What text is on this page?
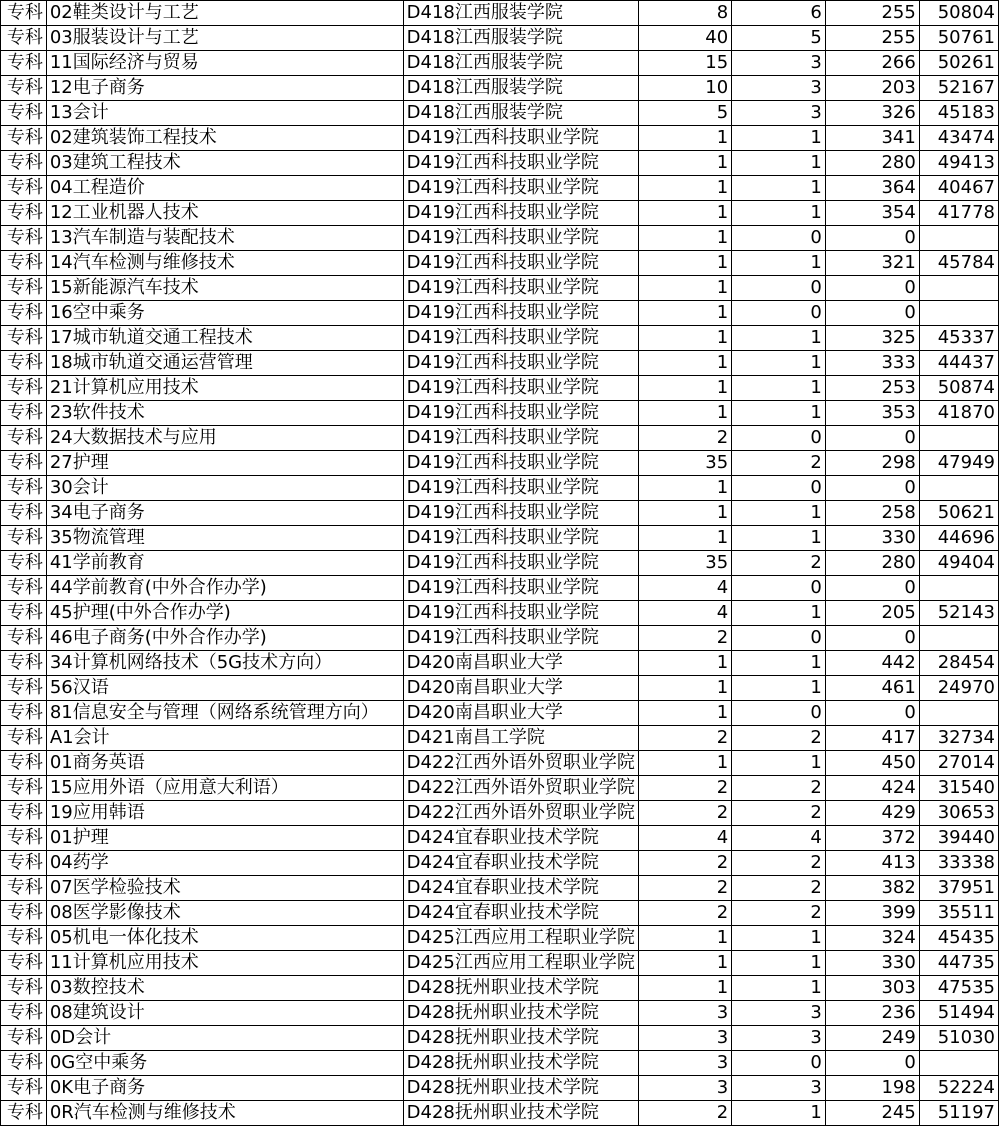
专科	02鞋类设计与工艺	D418江西服装学院	8	6	255	50804
专科	03服装设计与工艺	D418江西服装学院	40	5	255	50761
专科	11国际经济与贸易	D418江西服装学院	15	3	266	50261
专科	12电子商务	D418江西服装学院	10	3	203	52167
专科	13会计	D418江西服装学院	5	3	326	45183
专科	02建筑装饰工程技术	D419江西科技职业学院	1	1	341	43474
专科	03建筑工程技术	D419江西科技职业学院	1	1	280	49413
专科	04工程造价	D419江西科技职业学院	1	1	364	40467
专科	12工业机器人技术	D419江西科技职业学院	1	1	354	41778
专科	13汽车制造与装配技术	D419江西科技职业学院	1	0	0	
专科	14汽车检测与维修技术	D419江西科技职业学院	1	1	321	45784
专科	15新能源汽车技术	D419江西科技职业学院	1	0	0	
专科	16空中乘务	D419江西科技职业学院	1	0	0	
专科	17城市轨道交通工程技术	D419江西科技职业学院	1	1	325	45337
专科	18城市轨道交通运营管理	D419江西科技职业学院	1	1	333	44437
专科	21计算机应用技术	D419江西科技职业学院	1	1	253	50874
专科	23软件技术	D419江西科技职业学院	1	1	353	41870
专科	24大数据技术与应用	D419江西科技职业学院	2	0	0	
专科	27护理	D419江西科技职业学院	35	2	298	47949
专科	30会计	D419江西科技职业学院	1	0	0	
专科	34电子商务	D419江西科技职业学院	1	1	258	50621
专科	35物流管理	D419江西科技职业学院	1	1	330	44696
专科	41学前教育	D419江西科技职业学院	35	2	280	49404
专科	44学前教育(中外合作办学)	D419江西科技职业学院	4	0	0	
专科	45护理(中外合作办学)	D419江西科技职业学院	4	1	205	52143
专科	46电子商务(中外合作办学)	D419江西科技职业学院	2	0	0	
专科	34计算机网络技术（5G技术方向）	D420南昌职业大学	1	1	442	28454
专科	56汉语	D420南昌职业大学	1	1	461	24970
专科	81信息安全与管理（网络系统管理方向）	D420南昌职业大学	1	0	0	
专科	A1会计	D421南昌工学院	2	2	417	32734
专科	01商务英语	D422江西外语外贸职业学院	1	1	450	27014
专科	15应用外语（应用意大利语）	D422江西外语外贸职业学院	2	2	424	31540
专科	19应用韩语	D422江西外语外贸职业学院	2	2	429	30653
专科	01护理	D424宜春职业技术学院	4	4	372	39440
专科	04药学	D424宜春职业技术学院	2	2	413	33338
专科	07医学检验技术	D424宜春职业技术学院	2	2	382	37951
专科	08医学影像技术	D424宜春职业技术学院	2	2	399	35511
专科	05机电一体化技术	D425江西应用工程职业学院	1	1	324	45435
专科	11计算机应用技术	D425江西应用工程职业学院	1	1	330	44735
专科	03数控技术	D428抚州职业技术学院	1	1	303	47535
专科	08建筑设计	D428抚州职业技术学院	3	3	236	51494
专科	0D会计	D428抚州职业技术学院	3	3	249	51030
专科	0G空中乘务	D428抚州职业技术学院	3	0	0	
专科	0K电子商务	D428抚州职业技术学院	3	3	198	52224
专科	0R汽车检测与维修技术	D428抚州职业技术学院	2	1	245	51197
